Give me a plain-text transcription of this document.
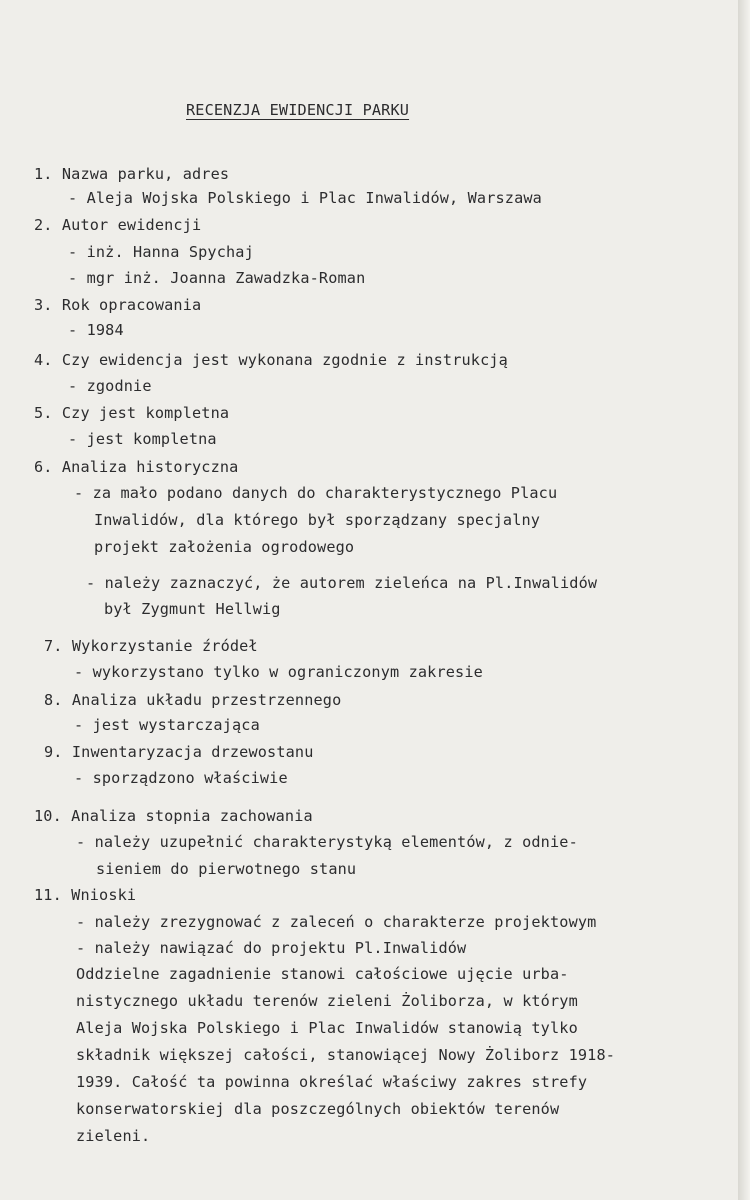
RECENZJA EWIDENCJI PARKU
1. Nazwa parku, adres
- Aleja Wojska Polskiego i Plac Inwalidów, Warszawa
2. Autor ewidencji
- inż. Hanna Spychaj
- mgr inż. Joanna Zawadzka-Roman
3. Rok opracowania
- 1984
4. Czy ewidencja jest wykonana zgodnie z instrukcją
- zgodnie
5. Czy jest kompletna
- jest kompletna
6. Analiza historyczna
- za mało podano danych do charakterystycznego Placu
Inwalidów, dla którego był sporządzany specjalny
projekt założenia ogrodowego
- należy zaznaczyć, że autorem zieleńca na Pl.Inwalidów
był Zygmunt Hellwig
7. Wykorzystanie źródeł
- wykorzystano tylko w ograniczonym zakresie
8. Analiza układu przestrzennego
- jest wystarczająca
9. Inwentaryzacja drzewostanu
- sporządzono właściwie
10. Analiza stopnia zachowania
- należy uzupełnić charakterystyką elementów, z odnie-
sieniem do pierwotnego stanu
11. Wnioski
- należy zrezygnować z zaleceń o charakterze projektowym
- należy nawiązać do projektu Pl.Inwalidów
Oddzielne zagadnienie stanowi całościowe ujęcie urba-
nistycznego układu terenów zieleni Żoliborza, w którym
Aleja Wojska Polskiego i Plac Inwalidów stanowią tylko
składnik większej całości, stanowiącej Nowy Żoliborz 1918-
1939. Całość ta powinna określać właściwy zakres strefy
konserwatorskiej dla poszczególnych obiektów terenów
zieleni.
